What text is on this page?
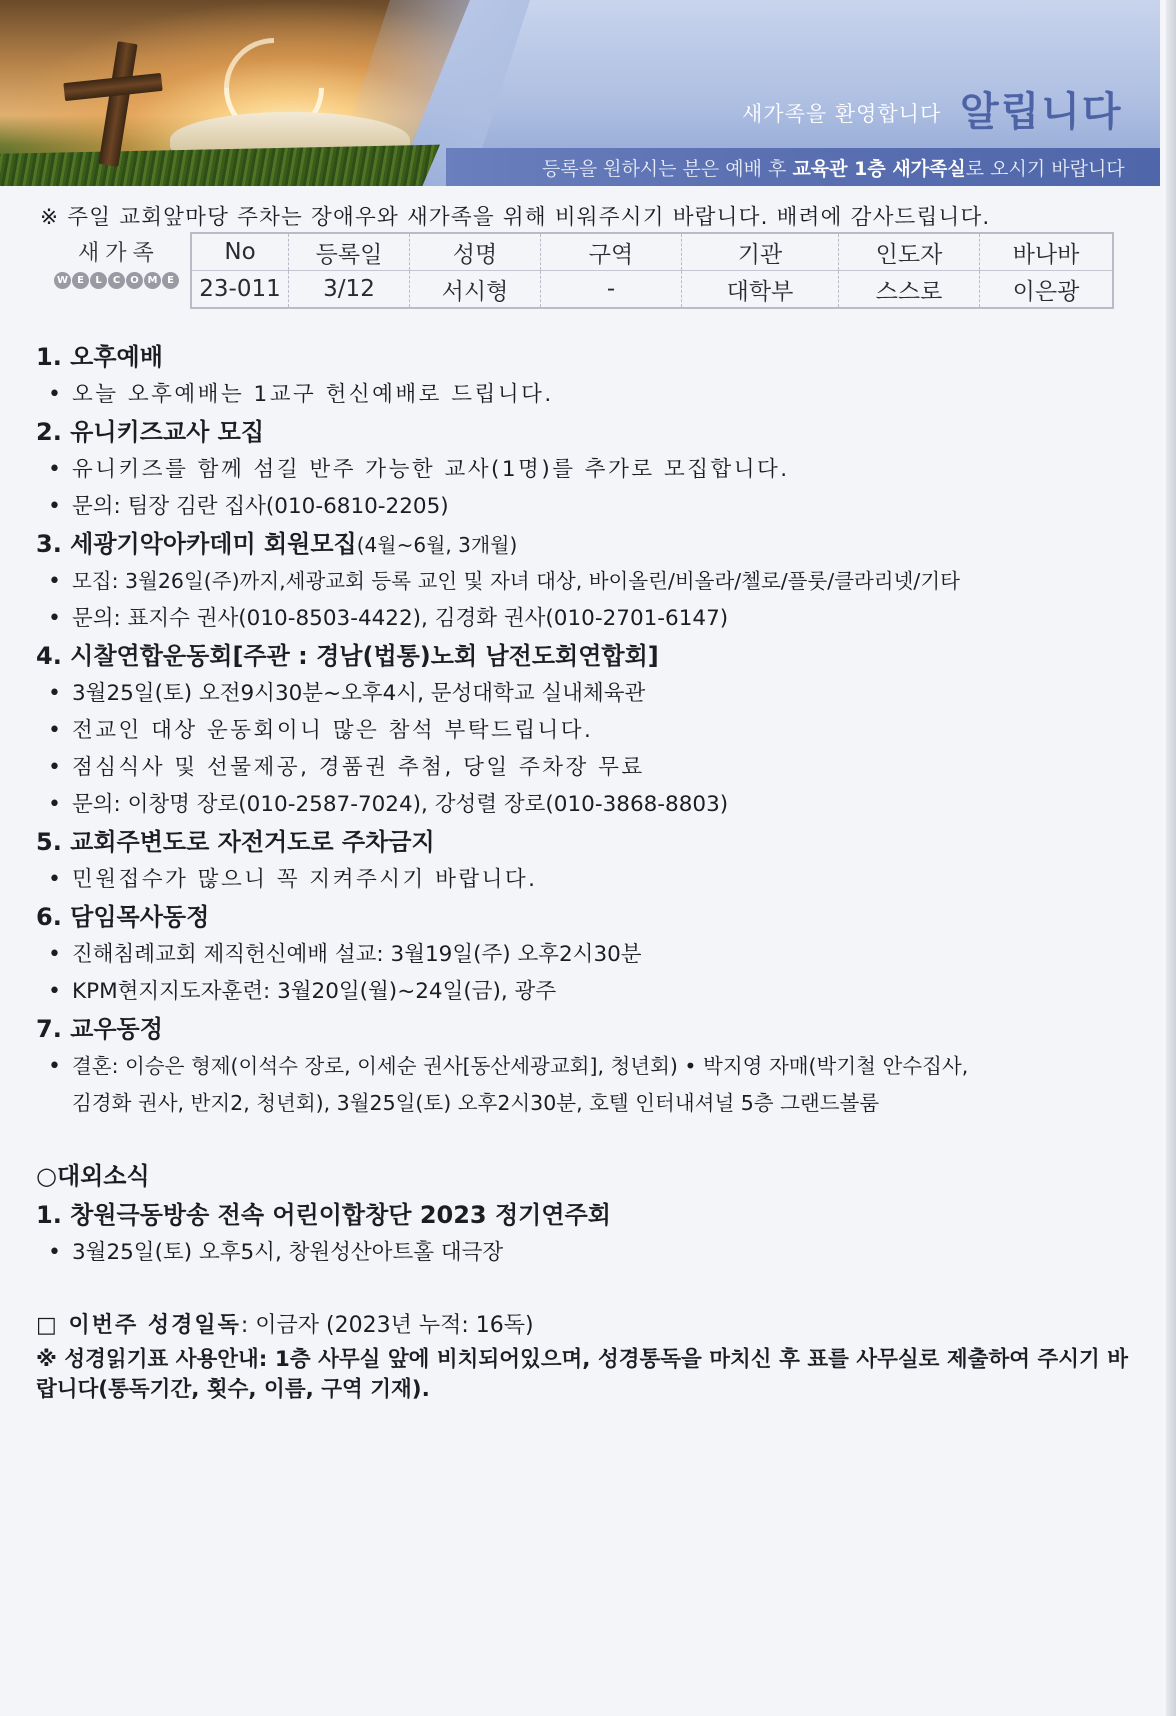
새가족을 환영합니다 알립니다
등록을 원하시는 분은 예배 후 교육관 1층 새가족실로 오시기 바랍니다
※ 주일 교회앞마당 주차는 장애우와 새가족을 위해 비워주시기 바랍니다. 배려에 감사드립니다.
새가족
W E	L	C	O M E
No	등록일	성명	구역	기관	인도자	바나바
23-011	3/12	서시형	-	대학부	스스로	이은광
1. 오후예배
• 오늘 오후예배는 1교구 헌신예배로 드립니다.
2. 유니키즈교사 모집
• 유니키즈를 함께 섬길 반주 가능한 교사(1명)를 추가로 모집합니다.
• 문의: 팀장 김란 집사(010-6810-2205)
3. 세광기악아카데미 회원모집(4월~6월, 3개월)
• 모집: 3월26일(주)까지,세광교회 등록 교인 및 자녀 대상, 바이올린/비올라/첼로/플룻/클라리넷/기타
• 문의: 표지수 권사(010-8503-4422), 김경화 권사(010-2701-6147)
4. 시찰연합운동회[주관 : 경남(법통)노회 남전도회연합회]
• 3월25일(토) 오전9시30분~오후4시, 문성대학교 실내체육관
• 전교인 대상 운동회이니 많은 참석 부탁드립니다.
• 점심식사 및 선물제공, 경품권 추첨, 당일 주차장 무료
• 문의: 이창명 장로(010-2587-7024), 강성렬 장로(010-3868-8803)
5. 교회주변도로 자전거도로 주차금지
• 민원접수가 많으니 꼭 지켜주시기 바랍니다.
6. 담임목사동정
• 진해침례교회 제직헌신예배 설교: 3월19일(주) 오후2시30분
• KPM현지지도자훈련: 3월20일(월)~24일(금), 광주
7. 교우동정
• 결혼: 이승은 형제(이석수 장로, 이세순 권사[동산세광교회], 청년회) • 박지영 자매(박기철 안수집사,
김경화 권사, 반지2, 청년회), 3월25일(토) 오후2시30분, 호텔 인터내셔널 5층 그랜드볼룸
○대외소식
1. 창원극동방송 전속 어린이합창단 2023 정기연주회
• 3월25일(토) 오후5시, 창원성산아트홀 대극장
□ 이번주 성경일독: 이금자 (2023년 누적: 16독)
※ 성경읽기표 사용안내: 1층 사무실 앞에 비치되어있으며, 성경통독을 마치신 후 표를 사무실로 제출하여 주시기 바랍니다(통독기간, 횟수, 이름, 구역 기재).
